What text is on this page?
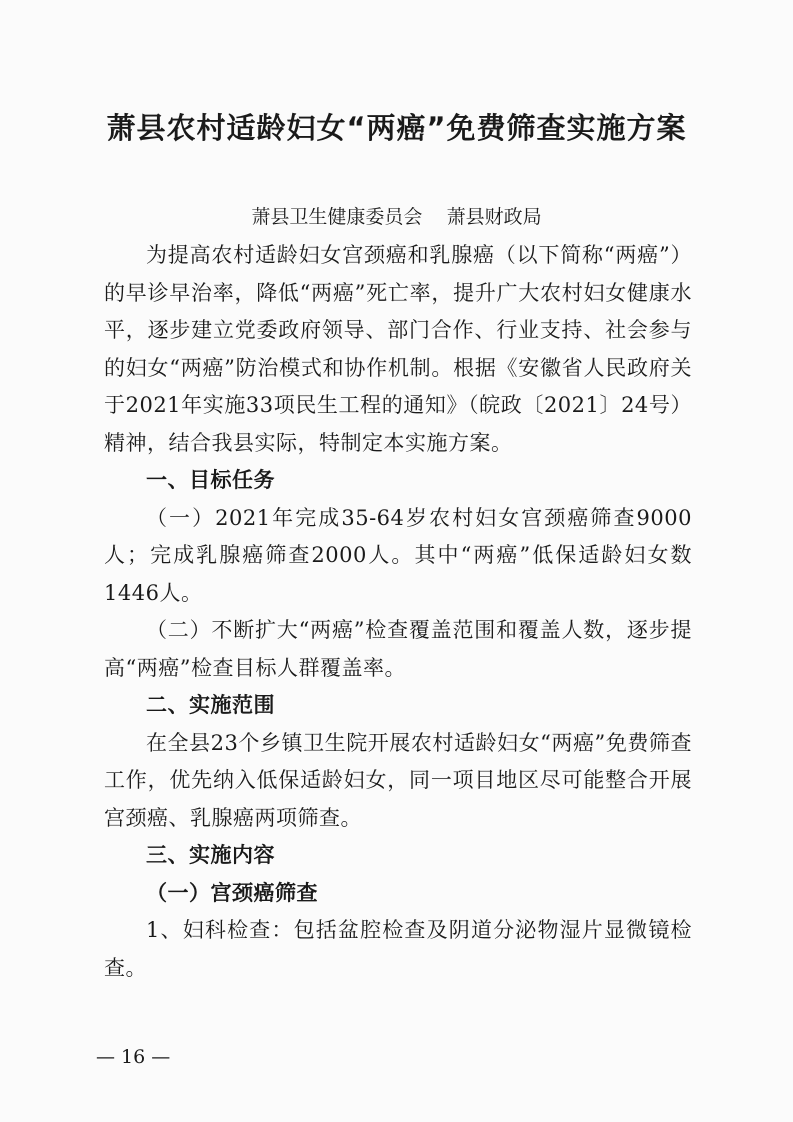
萧县农村适龄妇女“两癌”免费筛查实施方案
萧县卫生健康委员会    萧县财政局

为提高农村适龄妇女宫颈癌和乳腺癌（以下简称“两癌”）的早诊早治率，降低“两癌”死亡率，提升广大农村妇女健康水平，逐步建立党委政府领导、部门合作、行业支持、社会参与的妇女“两癌”防治模式和协作机制。根据《安徽省人民政府关于2021年实施33项民生工程的通知》（皖政〔2021〕24号）精神，结合我县实际，特制定本实施方案。

一、目标任务

（一）2021年完成35-64岁农村妇女宫颈癌筛查9000人；完成乳腺癌筛查2000人。其中“两癌”低保适龄妇女数1446人。

（二）不断扩大“两癌”检查覆盖范围和覆盖人数，逐步提高“两癌”检查目标人群覆盖率。

二、实施范围

在全县23个乡镇卫生院开展农村适龄妇女“两癌”免费筛查工作，优先纳入低保适龄妇女，同一项目地区尽可能整合开展宫颈癌、乳腺癌两项筛查。

三、实施内容

（一）宫颈癌筛查

1、妇科检查：包括盆腔检查及阴道分泌物湿片显微镜检查。

— 16 —
